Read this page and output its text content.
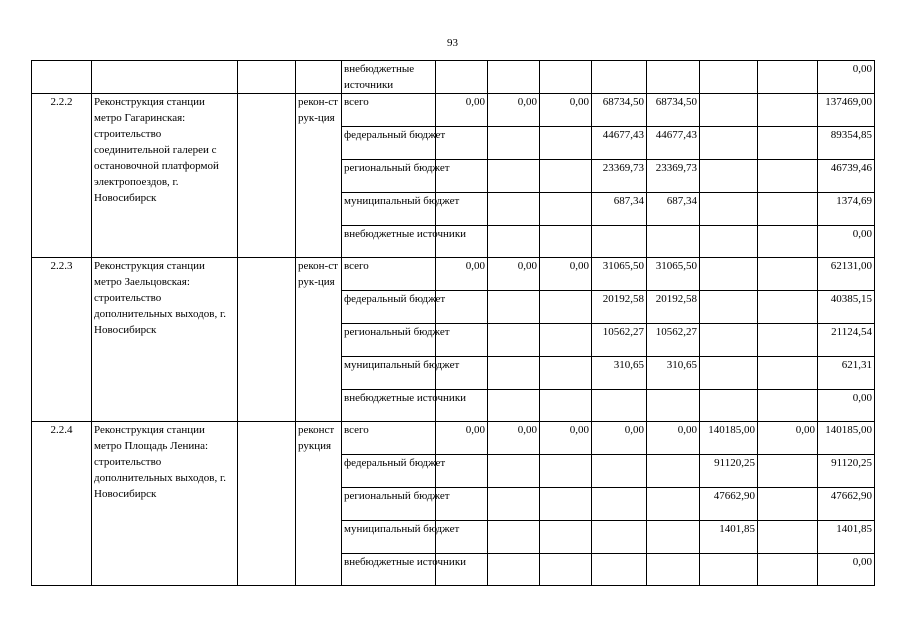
93
				внебюджетные источники								0,00
2.2.2	Реконструкция станции метро Гагаринская: строительство соединительной галереи с остановочной платформой электропоездов, г. Новосибирск		рекон-струк-ция	всего	0,00	0,00	0,00	68734,50	68734,50			137469,00
				федеральный бюджет				44677,43	44677,43			89354,85
				региональный бюджет				23369,73	23369,73			46739,46
				муниципальный бюджет				687,34	687,34			1374,69
				внебюджетные источники								0,00
2.2.3	Реконструкция станции метро Заельцовская: строительство дополнительных выходов, г. Новосибирск		рекон-струк-ция	всего	0,00	0,00	0,00	31065,50	31065,50			62131,00
				федеральный бюджет				20192,58	20192,58			40385,15
				региональный бюджет				10562,27	10562,27			21124,54
				муниципальный бюджет				310,65	310,65			621,31
				внебюджетные источники								0,00
2.2.4	Реконструкция станции метро Площадь Ленина: строительство дополнительных выходов, г. Новосибирск		реконструкция	всего	0,00	0,00	0,00	0,00	0,00	140185,00	0,00	140185,00
				федеральный бюджет						91120,25		91120,25
				региональный бюджет						47662,90		47662,90
				муниципальный бюджет						1401,85		1401,85
				внебюджетные источники								0,00
